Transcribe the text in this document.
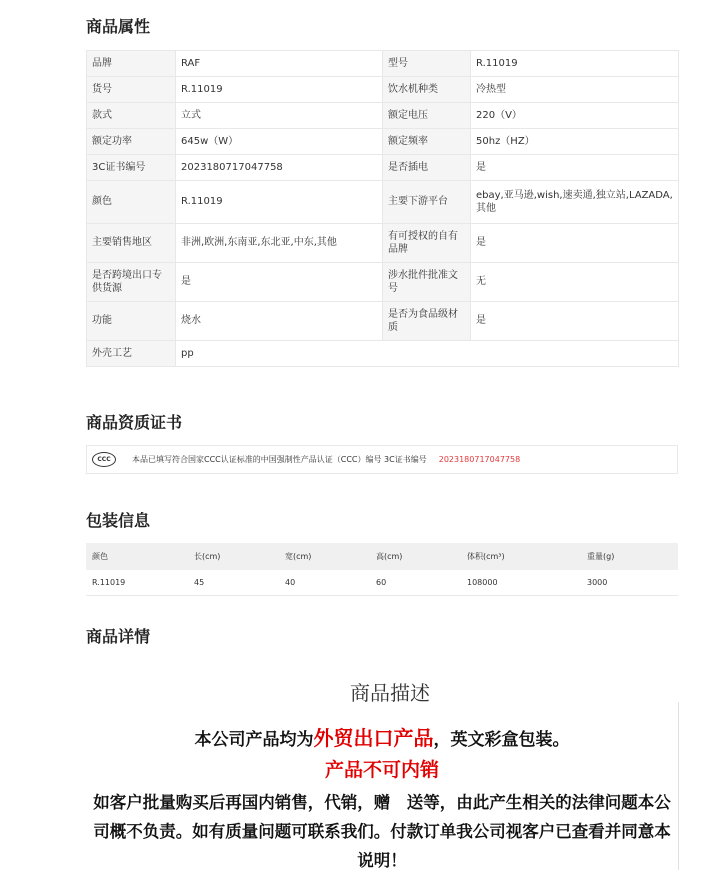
商品属性
品牌	RAF	型号	R.11019
货号	R.11019	饮水机种类	冷热型
款式	立式	额定电压	220（V）
额定功率	645w（W）	额定频率	50hz（HZ）
3C证书编号	2023180717047758	是否插电	是
颜色	R.11019	主要下游平台	ebay,亚马逊,wish,速卖通,独立站,LAZADA,其他
主要销售地区	非洲,欧洲,东南亚,东北亚,中东,其他	有可授权的自有品牌	是
是否跨境出口专供货源	是	涉水批件批准文号	无
功能	烧水	是否为食品级材质	是
外壳工艺	pp		
商品资质证书
CCC	本品已填写符合国家CCC认证标准的中国强制性产品认证（CCC）编号 3C证书编号 2023180717047758
包装信息
颜色	长(cm)	宽(cm)	高(cm)	体积(cm³)	重量(g)
R.11019	45	40	60	108000	3000
商品详情
商品描述
本公司产品均为外贸出口产品，英文彩盒包装。
产品不可内销
如客户批量购买后再国内销售，代销，赠　送等，由此产生相关的法律问题本公司概不负责。如有质量问题可联系我们。付款订单我公司视客户已查看并同意本说明！
